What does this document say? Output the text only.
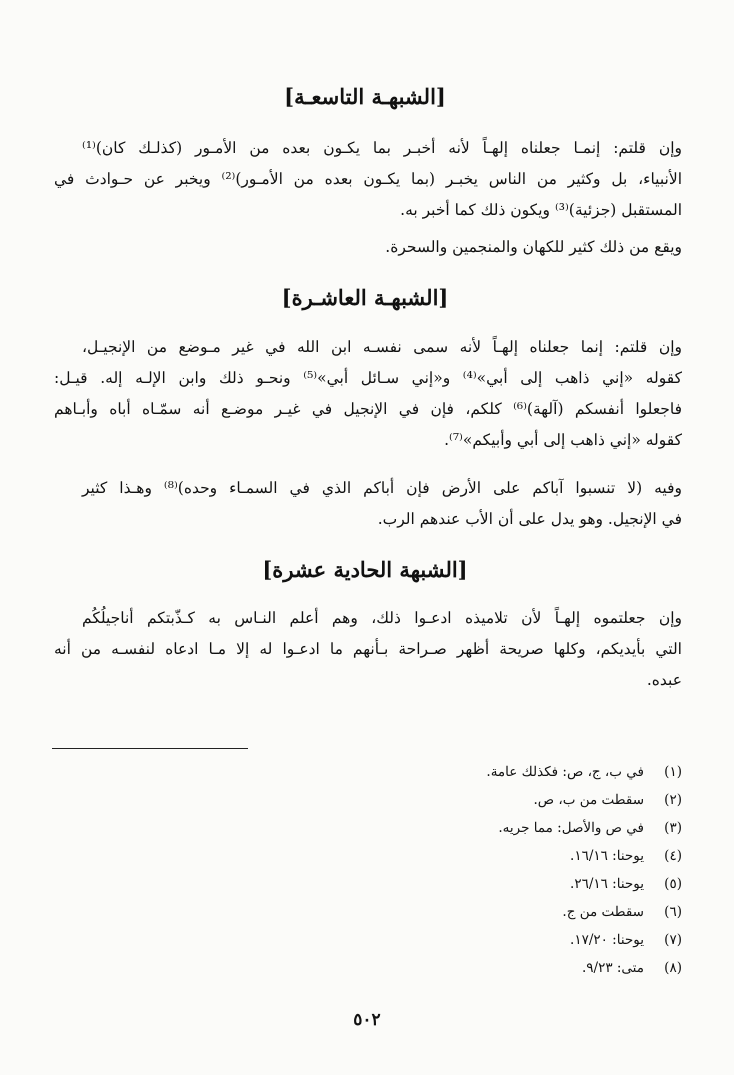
[الشبهـة التاسعـة]
وإن قلتم: إنمـا جعلناه إلهـاً لأنه أخبـر بما يكـون بعده من الأمـور (كذلـك كان)⁽¹⁾
الأنبياء، بل وكثير من الناس يخبـر (بما يكـون بعده من الأمـور)⁽²⁾ ويخبر عن حـوادث في
المستقبل (جزئية)⁽³⁾ ويكون ذلك كما أخبر به.
ويقع من ذلك كثير للكهان والمنجمين والسحرة.
[الشبهـة العاشـرة]
وإن قلتم: إنما جعلناه إلهـاً لأنه سمى نفسـه ابن الله في غير مـوضع من الإنجيـل،
كقوله «إني ذاهب إلى أبي»⁽⁴⁾ و«إني سـائل أبي»⁽⁵⁾ ونحـو ذلك وابن الإلـه إله. قيـل:
فاجعلوا أنفسكم (آلهة)⁽⁶⁾ كلكم، فإن في الإنجيل في غيـر موضـع أنه سمّـاه أباه وأبـاهم
كقوله «إني ذاهب إلى أبي وأبيكم»⁽⁷⁾.
وفيه (لا تنسبوا آباكم على الأرض فإن أباكم الذي في السمـاء وحده)⁽⁸⁾ وهـذا كثير
في الإنجيل. وهو يدل على أن الأب عندهم الرب.
[الشبهة الحادية عشرة]
وإن جعلتموه إلهـاً لأن تلاميذه ادعـوا ذلك، وهم أعلم النـاس به كـذّبتكم أناجيلُكُم
التي بأيديكم، وكلها صريحة أظهر صـراحة بـأنهم ما ادعـوا له إلا مـا ادعاه لنفسـه من أنه
عبده.
(١)في ب، ج، ص: فكذلك عامة.
(٢)سقطت من ب، ص.
(٣)في ص والأصل: مما جريه.
(٤)يوحنا: ١٦/١٦.
(٥)يوحنا: ٢٦/١٦.
(٦)سقطت من ج.
(٧)يوحنا: ١٧/٢٠.
(٨)متى: ٩/٢٣.
٥٠٢
